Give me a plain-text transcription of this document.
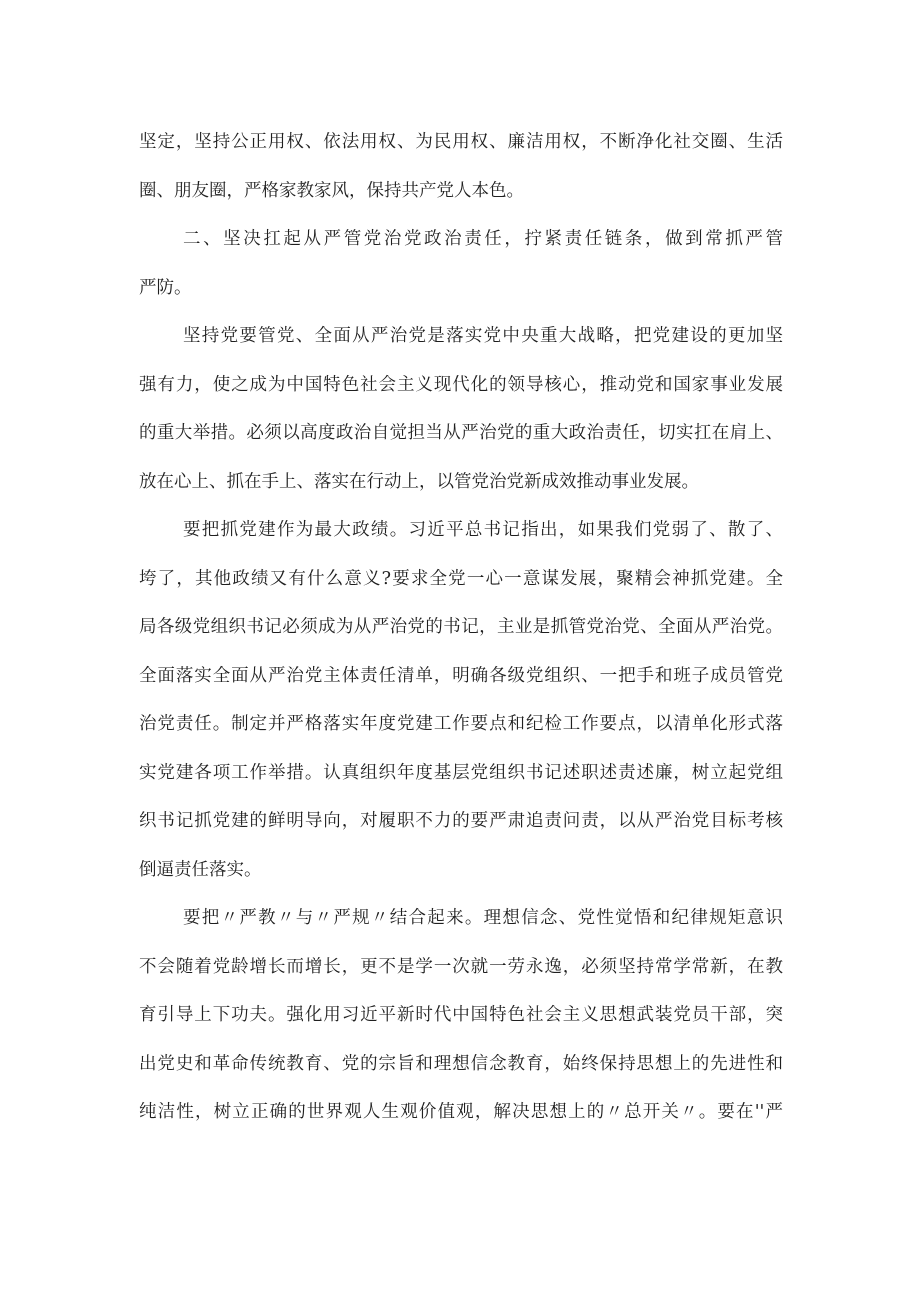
坚定，坚持公正用权、依法用权、为民用权、廉洁用权，不断净化社交圈、生活
圈、朋友圈，严格家教家风，保持共产党人本色。
二、坚决扛起从严管党治党政治责任，拧紧责任链条，做到常抓严管
严防。
坚持党要管党、全面从严治党是落实党中央重大战略，把党建设的更加坚
强有力，使之成为中国特色社会主义现代化的领导核心，推动党和国家事业发展
的重大举措。必须以高度政治自觉担当从严治党的重大政治责任，切实扛在肩上、
放在心上、抓在手上、落实在行动上，以管党治党新成效推动事业发展。
要把抓党建作为最大政绩。习近平总书记指出，如果我们党弱了、散了、
垮了，其他政绩又有什么意义?要求全党一心一意谋发展，聚精会神抓党建。全
局各级党组织书记必须成为从严治党的书记，主业是抓管党治党、全面从严治党。
全面落实全面从严治党主体责任清单，明确各级党组织、一把手和班子成员管党
治党责任。制定并严格落实年度党建工作要点和纪检工作要点，以清单化形式落
实党建各项工作举措。认真组织年度基层党组织书记述职述责述廉，树立起党组
织书记抓党建的鲜明导向，对履职不力的要严肃追责问责，以从严治党目标考核
倒逼责任落实。
要把〃严教〃与〃严规〃结合起来。理想信念、党性觉悟和纪律规矩意识
不会随着党龄增长而增长，更不是学一次就一劳永逸，必须坚持常学常新，在教
育引导上下功夫。强化用习近平新时代中国特色社会主义思想武装党员干部，突
出党史和革命传统教育、党的宗旨和理想信念教育，始终保持思想上的先进性和
纯洁性，树立正确的世界观人生观价值观，解决思想上的〃总开关〃。要在''严
